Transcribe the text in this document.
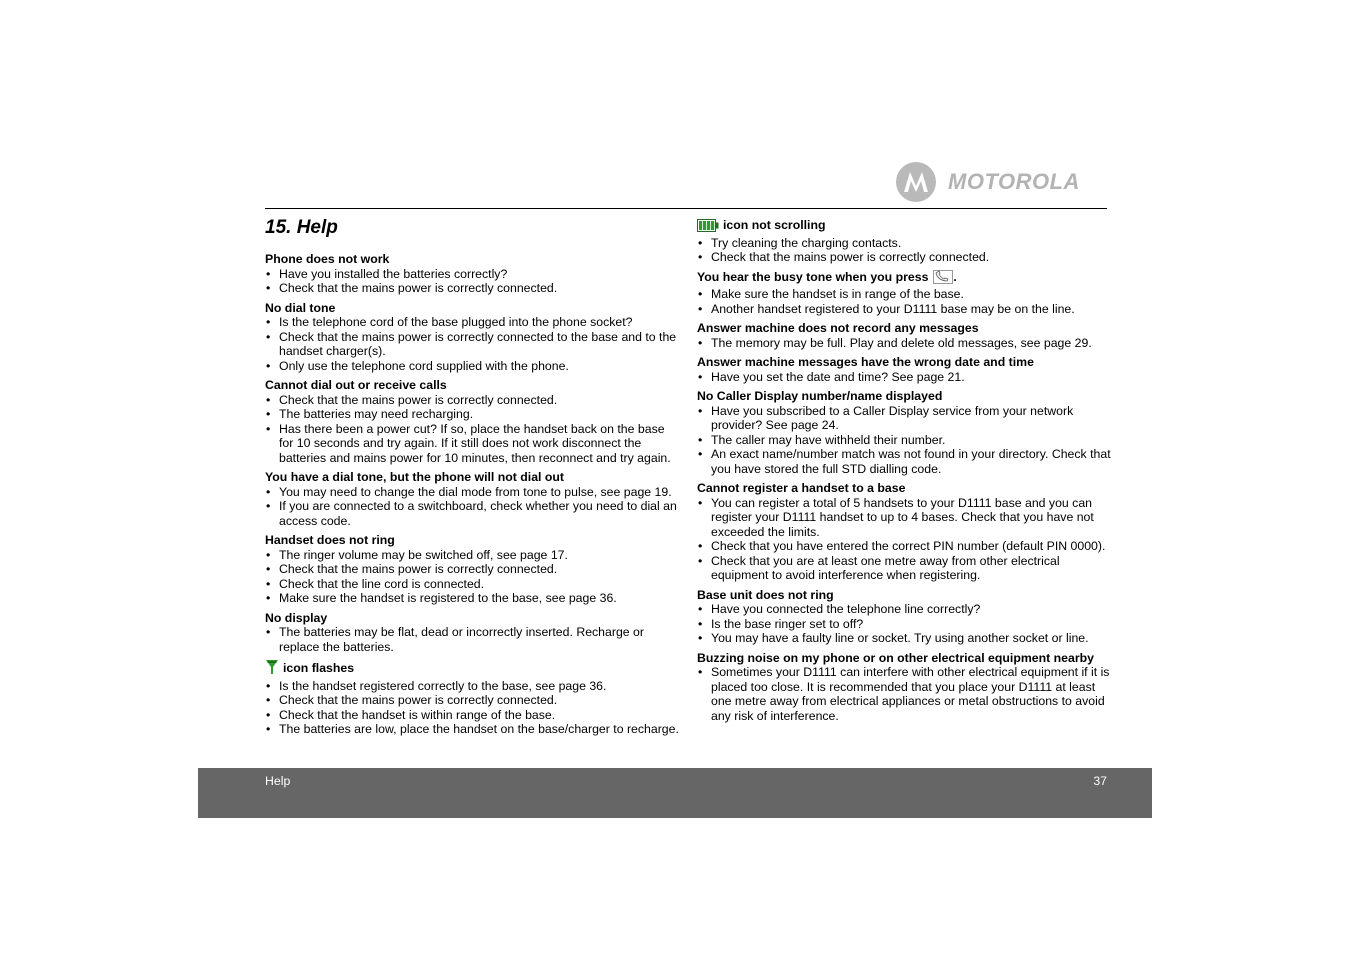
MOTOROLA
15. Help
Phone does not work
• Have you installed the batteries correctly?
• Check that the mains power is correctly connected.
No dial tone
• Is the telephone cord of the base plugged into the phone socket?
• Check that the mains power is correctly connected to the base and to the handset charger(s).
• Only use the telephone cord supplied with the phone.
Cannot dial out or receive calls
• Check that the mains power is correctly connected.
• The batteries may need recharging.
• Has there been a power cut? If so, place the handset back on the base for 10 seconds and try again. If it still does not work disconnect the batteries and mains power for 10 minutes, then reconnect and try again.
You have a dial tone, but the phone will not dial out
• You may need to change the dial mode from tone to pulse, see page 19.
• If you are connected to a switchboard, check whether you need to dial an access code.
Handset does not ring
• The ringer volume may be switched off, see page 17.
• Check that the mains power is correctly connected.
• Check that the line cord is connected.
• Make sure the handset is registered to the base, see page 36.
No display
• The batteries may be flat, dead or incorrectly inserted. Recharge or replace the batteries.
icon flashes
• Is the handset registered correctly to the base, see page 36.
• Check that the mains power is correctly connected.
• Check that the handset is within range of the base.
• The batteries are low, place the handset on the base/charger to recharge.
icon not scrolling
• Try cleaning the charging contacts.
• Check that the mains power is correctly connected.
You hear the busy tone when you press .
• Make sure the handset is in range of the base.
• Another handset registered to your D1111 base may be on the line.
Answer machine does not record any messages
• The memory may be full. Play and delete old messages, see page 29.
Answer machine messages have the wrong date and time
• Have you set the date and time? See page 21.
No Caller Display number/name displayed
• Have you subscribed to a Caller Display service from your network provider? See page 24.
• The caller may have withheld their number.
• An exact name/number match was not found in your directory. Check that you have stored the full STD dialling code.
Cannot register a handset to a base
• You can register a total of 5 handsets to your D1111 base and you can register your D1111 handset to up to 4 bases. Check that you have not exceeded the limits.
• Check that you have entered the correct PIN number (default PIN 0000).
• Check that you are at least one metre away from other electrical equipment to avoid interference when registering.
Base unit does not ring
• Have you connected the telephone line correctly?
• Is the base ringer set to off?
• You may have a faulty line or socket. Try using another socket or line.
Buzzing noise on my phone or on other electrical equipment nearby
• Sometimes your D1111 can interfere with other electrical equipment if it is placed too close. It is recommended that you place your D1111 at least one metre away from electrical appliances or metal obstructions to avoid any risk of interference.
Help	37
